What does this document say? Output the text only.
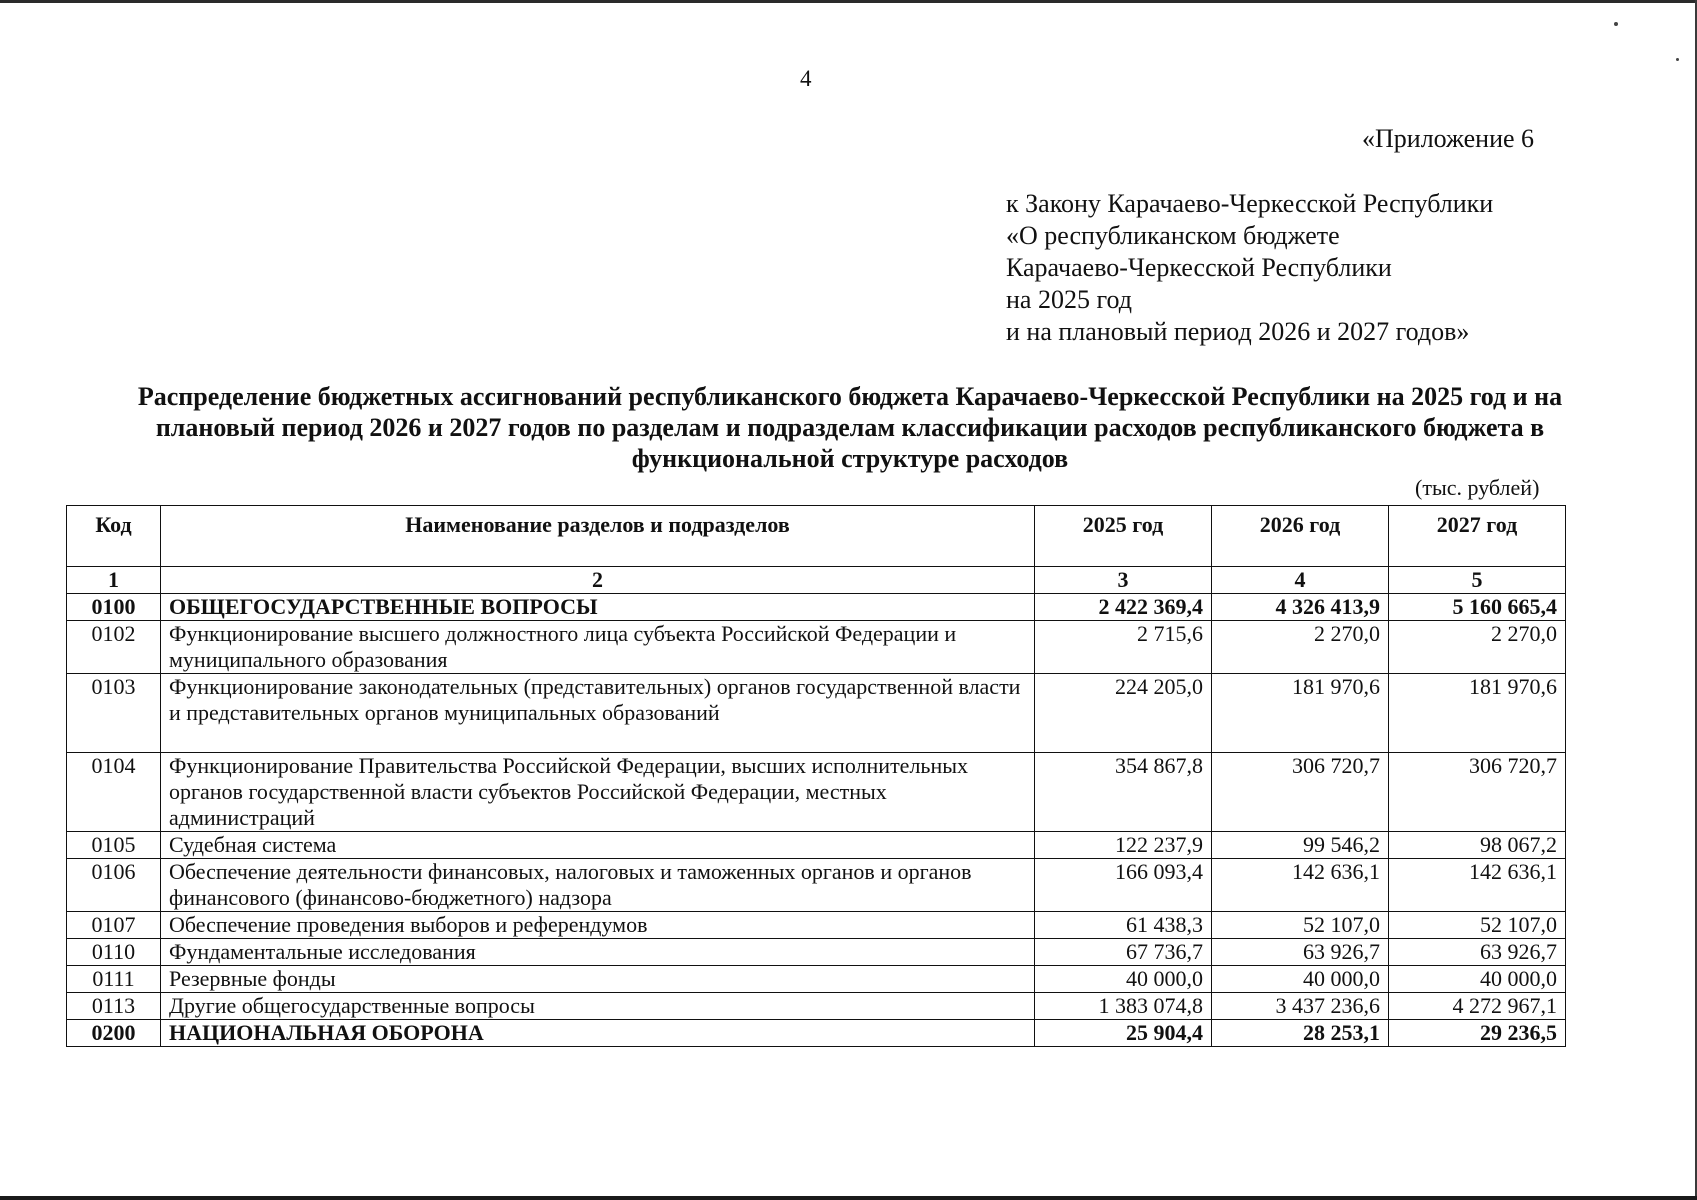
4
«Приложение 6
к Закону Карачаево-Черкесской Республики
«О республиканском бюджете
Карачаево-Черкесской Республики
на 2025 год
и на плановый период 2026 и 2027 годов»
Распределение бюджетных ассигнований республиканского бюджета Карачаево-Черкесской Республики на 2025 год и на плановый период 2026 и 2027 годов по разделам и подразделам классификации расходов республиканского бюджета в функциональной структуре расходов
(тыс. рублей)
Код	Наименование разделов и подразделов	2025 год	2026 год	2027 год
1	2	3	4	5
0100	ОБЩЕГОСУДАРСТВЕННЫЕ ВОПРОСЫ	2 422 369,4	4 326 413,9	5 160 665,4
0102	Функционирование высшего должностного лица субъекта Российской Федерации и муниципального образования	2 715,6	2 270,0	2 270,0
0103	Функционирование законодательных (представительных) органов государственной власти и представительных органов муниципальных образований	224 205,0	181 970,6	181 970,6
0104	Функционирование Правительства Российской Федерации, высших исполнительных органов государственной власти субъектов Российской Федерации, местных администраций	354 867,8	306 720,7	306 720,7
0105	Судебная система	122 237,9	99 546,2	98 067,2
0106	Обеспечение деятельности финансовых, налоговых и таможенных органов и органов финансового (финансово-бюджетного) надзора	166 093,4	142 636,1	142 636,1
0107	Обеспечение проведения выборов и референдумов	61 438,3	52 107,0	52 107,0
0110	Фундаментальные исследования	67 736,7	63 926,7	63 926,7
0111	Резервные фонды	40 000,0	40 000,0	40 000,0
0113	Другие общегосударственные вопросы	1 383 074,8	3 437 236,6	4 272 967,1
0200	НАЦИОНАЛЬНАЯ ОБОРОНА	25 904,4	28 253,1	29 236,5
